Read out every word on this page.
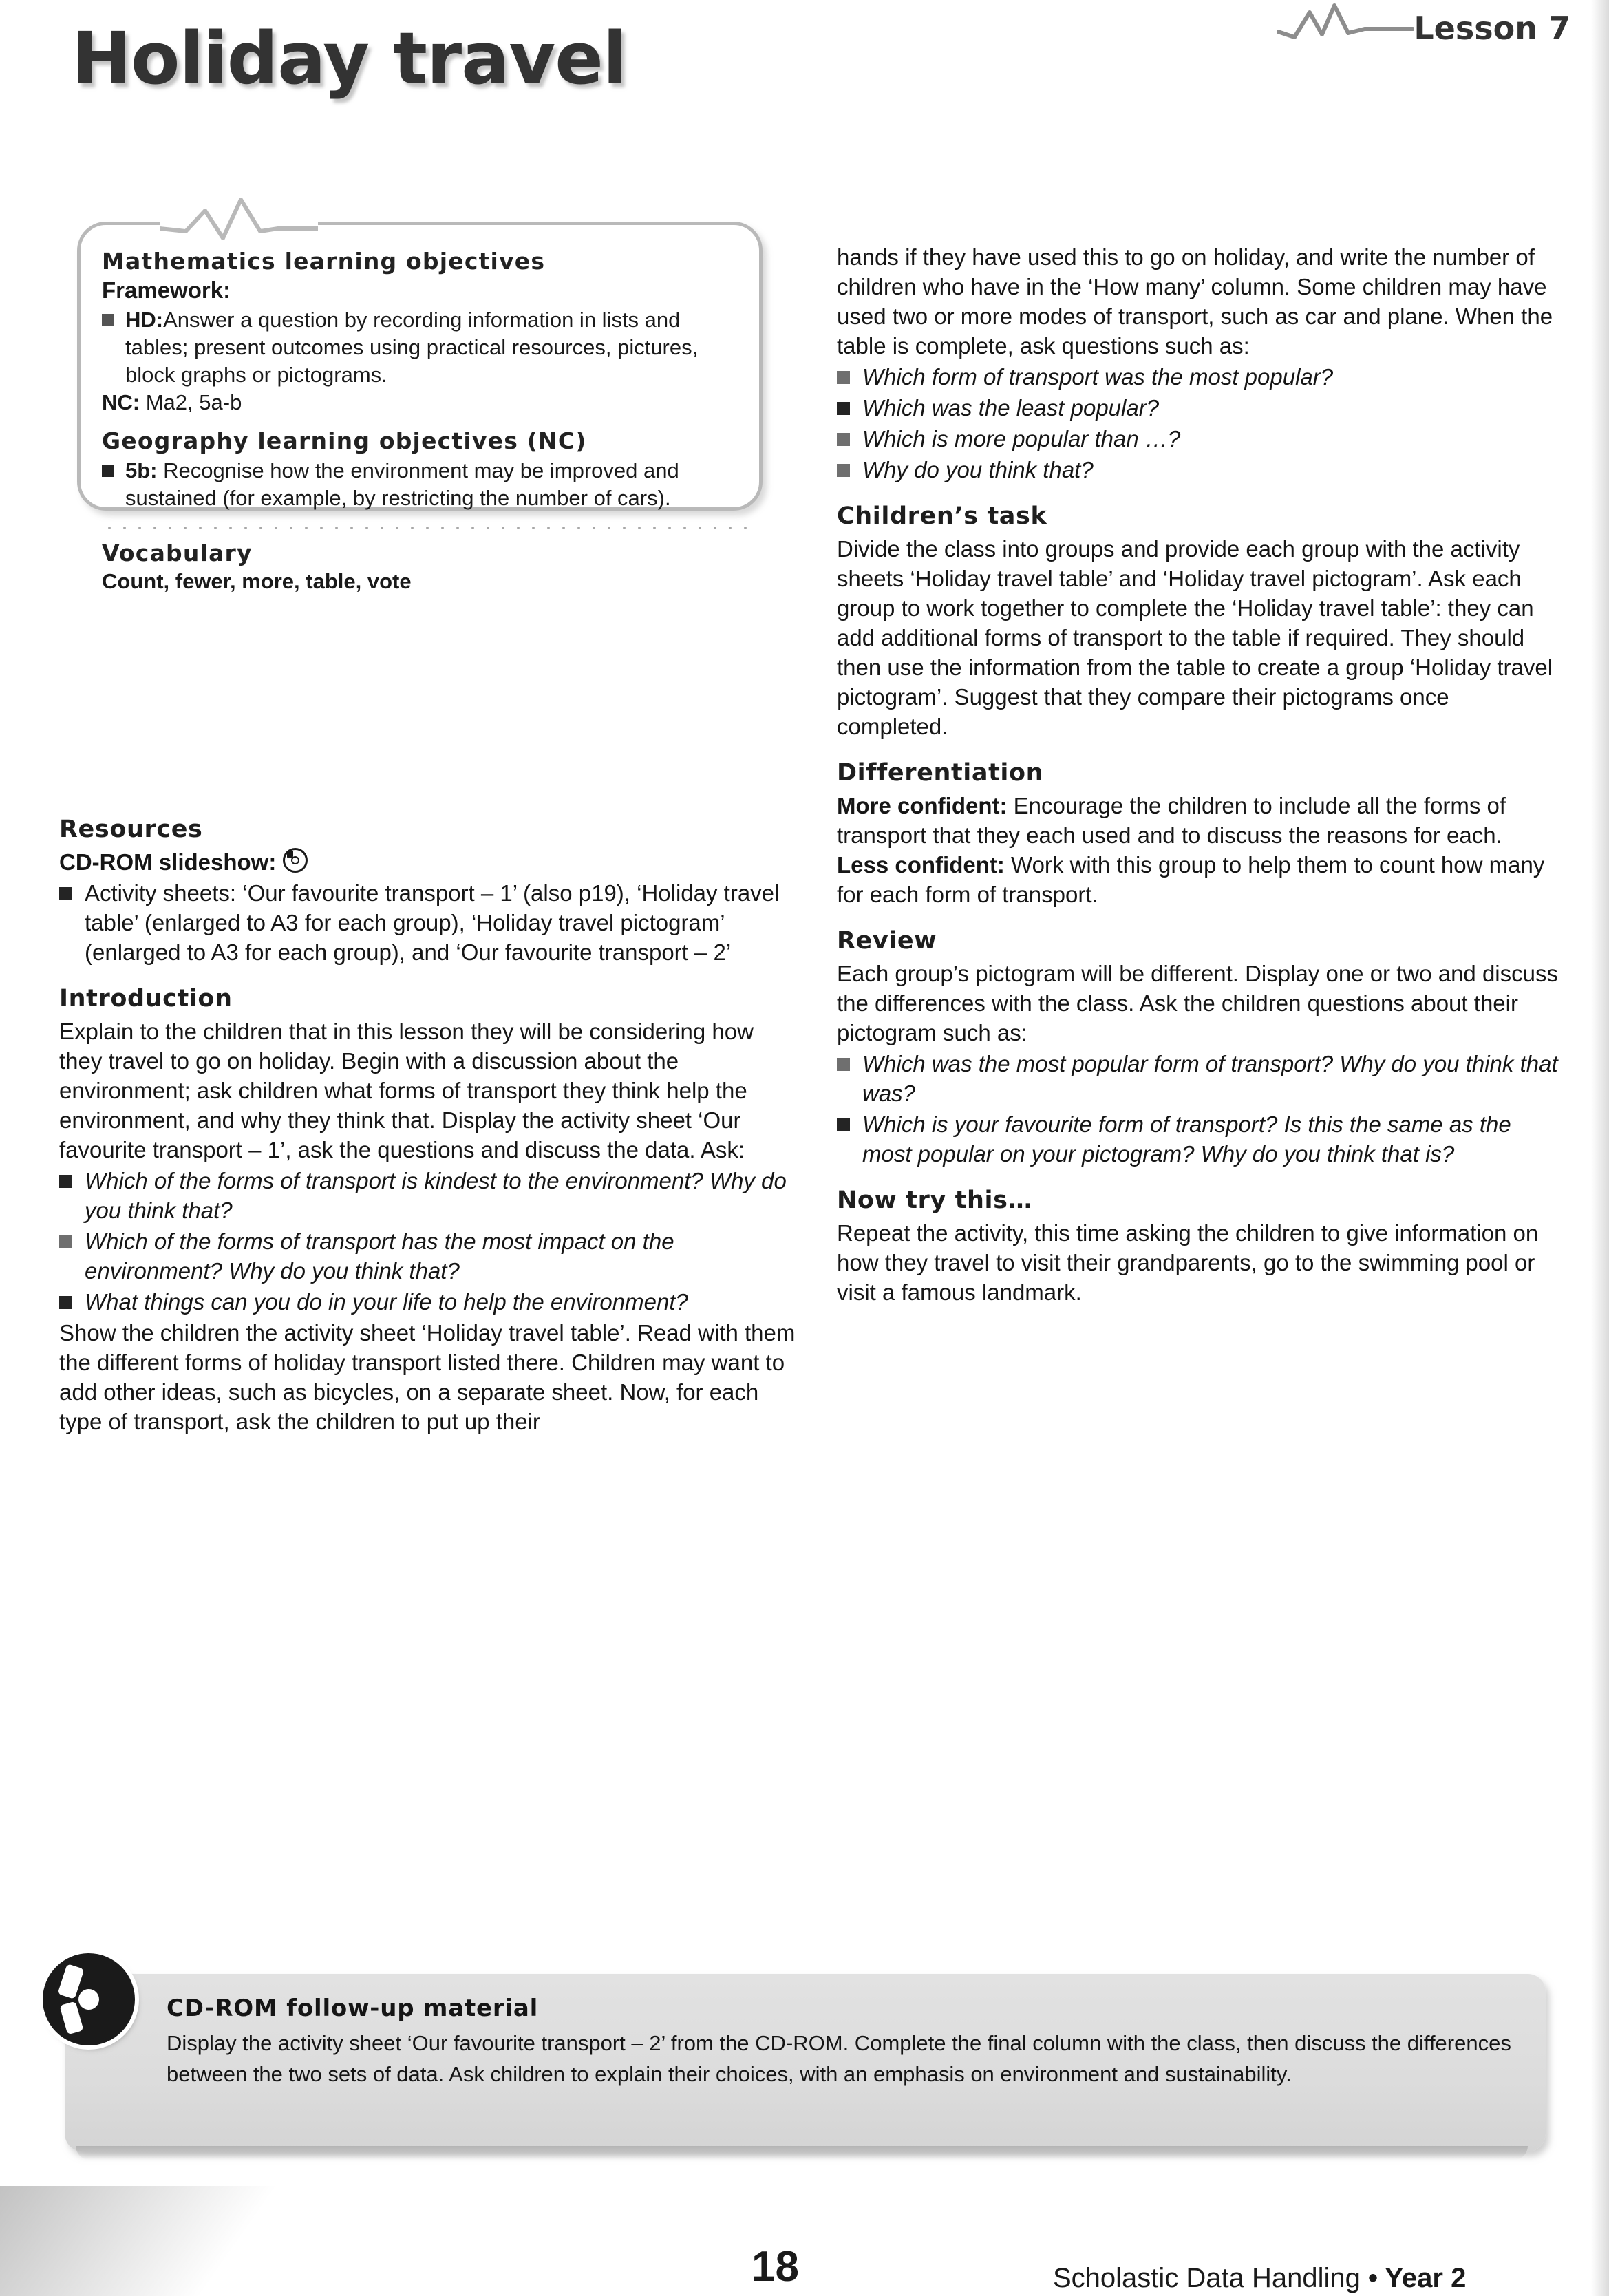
Holiday travel	Lesson 7
Mathematics learning objectives
Framework:
HD:Answer a question by recording information in lists and tables; present outcomes using practical resources, pictures, block graphs or pictograms.
NC: Ma2, 5a-b
Geography learning objectives (NC)
5b: Recognise how the environment may be improved and sustained (for example, by restricting the number of cars).
Vocabulary
Count, fewer, more, table, vote
Resources

CD-ROM slideshow:

Activity sheets: ‘Our favourite transport – 1’ (also p19), ‘Holiday travel table’ (enlarged to A3 for each group), ‘Holiday travel pictogram’ (enlarged to A3 for each group), and ‘Our favourite transport – 2’
Introduction

Explain to the children that in this lesson they will be considering how they travel to go on holiday. Begin with a discussion about the environment; ask children what forms of transport they think help the environment, and why they think that. Display the activity sheet ‘Our favourite transport – 1’, ask the questions and discuss the data. Ask:

Which of the forms of transport is kindest to the environment? Why do you think that?
Which of the forms of transport has the most impact on the environment? Why do you think that?
What things can you do in your life to help the environment?

Show the children the activity sheet ‘Holiday travel table’. Read with them the different forms of holiday transport listed there. Children may want to add other ideas, such as bicycles, on a separate sheet. Now, for each type of transport, ask the children to put up their

hands if they have used this to go on holiday, and write the number of children who have in the ‘How many’ column. Some children may have used two or more modes of transport, such as car and plane. When the table is complete, ask questions such as:

Which form of transport was the most popular?
Which was the least popular?
Which is more popular than …?
Why do you think that?
Children’s task

Divide the class into groups and provide each group with the activity sheets ‘Holiday travel table’ and ‘Holiday travel pictogram’. Ask each group to work together to complete the ‘Holiday travel table’: they can add additional forms of transport to the table if required. They should then use the information from the table to create a group ‘Holiday travel pictogram’. Suggest that they compare their pictograms once completed.

Differentiation

More confident: Encourage the children to include all the forms of transport that they each used and to discuss the reasons for each.

Less confident: Work with this group to help them to count how many for each form of transport.

Review

Each group’s pictogram will be different. Display one or two and discuss the differences with the class. Ask the children questions about their pictogram such as:

Which was the most popular form of transport? Why do you think that was?
Which is your favourite form of transport? Is this the same as the most popular on your pictogram? Why do you think that is?
Now try this…

Repeat the activity, this time asking the children to give information on how they travel to visit their grandparents, go to the swimming pool or visit a famous landmark.

CD-ROM follow-up material
Display the activity sheet ‘Our favourite transport – 2’ from the CD-ROM. Complete the final column with the class, then discuss the differences between the two sets of data. Ask children to explain their choices, with an emphasis on environment and sustainability.
18	Scholastic Data Handling • Year 2
